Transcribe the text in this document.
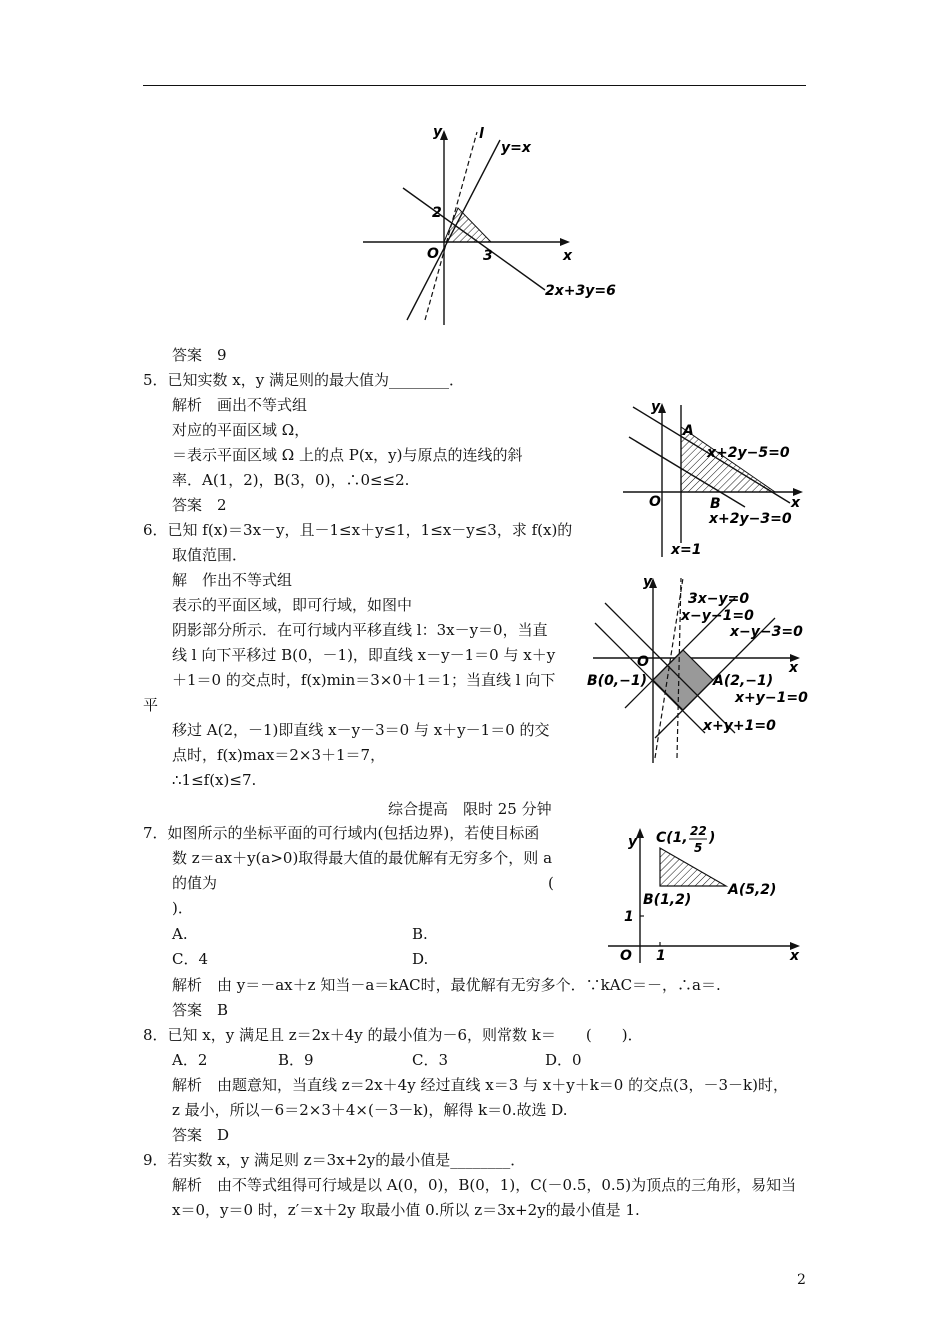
y	l
y=x
2
O	3	x
2x+3y=6
答案　9
5．已知实数 x，y 满足则的最大值为________．
解析　画出不等式组
对应的平面区域 Ω，
＝表示平面区域 Ω 上的点 P(x，y)与原点的连线的斜
率．A(1，2)，B(3，0)，∴0≤≤2.
答案　2
y
A
x+2y−5=0
O	B	x
x+2y−3=0
x=1
6．已知 f(x)＝3x－y，且－1≤x＋y≤1，1≤x－y≤3，求 f(x)的
取值范围．
解　作出不等式组
表示的平面区域，即可行域，如图中
阴影部分所示．在可行域内平移直线 l：3x－y＝0，当直
线 l 向下平移过 B(0，－1)，即直线 x－y－1＝0 与 x＋y
＋1＝0 的交点时，f(x)min＝3×0＋1＝1；当直线 l 向下
平
移过 A(2，－1)即直线 x－y－3＝0 与 x＋y－1＝0 的交
点时，f(x)max＝2×3＋1＝7，
∴1≤f(x)≤7.
y
3x−y=0
x−y−1=0
x−y−3=0
O	x
B(0,−1)	A(2,−1)
x+y−1=0
x+y+1=0
综合提高　限时 25 分钟
7．如图所示的坐标平面的可行域内(包括边界)，若使目标函
数 z＝ax＋y(a>0)取得最大值的最优解有无穷多个，则 a
的值为	(
)．
A.	B.
C．4	D.
解析　由 y＝－ax＋z 知当－a＝kAC时，最优解有无穷多个．∵kAC＝－，∴a＝.
答案　B
y C(1, 22
5
)
B(1,2)
A(5,2)
1
O 1	x
8．已知 x，y 满足且 z＝2x＋4y 的最小值为－6，则常数 k＝　　(　　)．
A．2	B．9	C．3	D．0
解析　由题意知，当直线 z＝2x＋4y 经过直线 x＝3 与 x＋y＋k＝0 的交点(3，－3－k)时，
z 最小，所以－6＝2×3＋4×(－3－k)，解得 k＝0.故选 D.
答案　D
9．若实数 x，y 满足则 z＝3x+2y的最小值是________．
解析　由不等式组得可行域是以 A(0，0)，B(0，1)，C(－0.5，0.5)为顶点的三角形，易知当
x＝0，y＝0 时，z′＝x＋2y 取最小值 0.所以 z＝3x+2y的最小值是 1.
2
